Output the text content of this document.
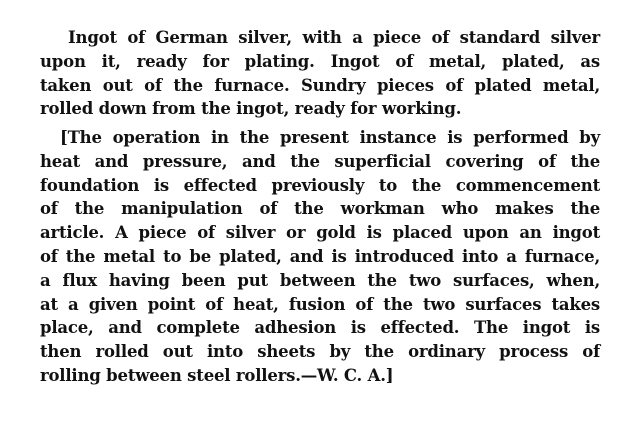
Ingot of German silver, with a piece of standard silver
upon it, ready for plating. Ingot of metal, plated, as
taken out of the furnace. Sundry pieces of plated metal,
rolled down from the ingot, ready for working.

[The operation in the present instance is performed by
heat and pressure, and the superficial covering of the
foundation is effected previously to the commencement
of the manipulation of the workman who makes the
article. A piece of silver or gold is placed upon an ingot
of the metal to be plated, and is introduced into a furnace,
a flux having been put between the two surfaces, when,
at a given point of heat, fusion of the two surfaces takes
place, and complete adhesion is effected. The ingot is
then rolled out into sheets by the ordinary process of
rolling between steel rollers.—W. C. A.]
